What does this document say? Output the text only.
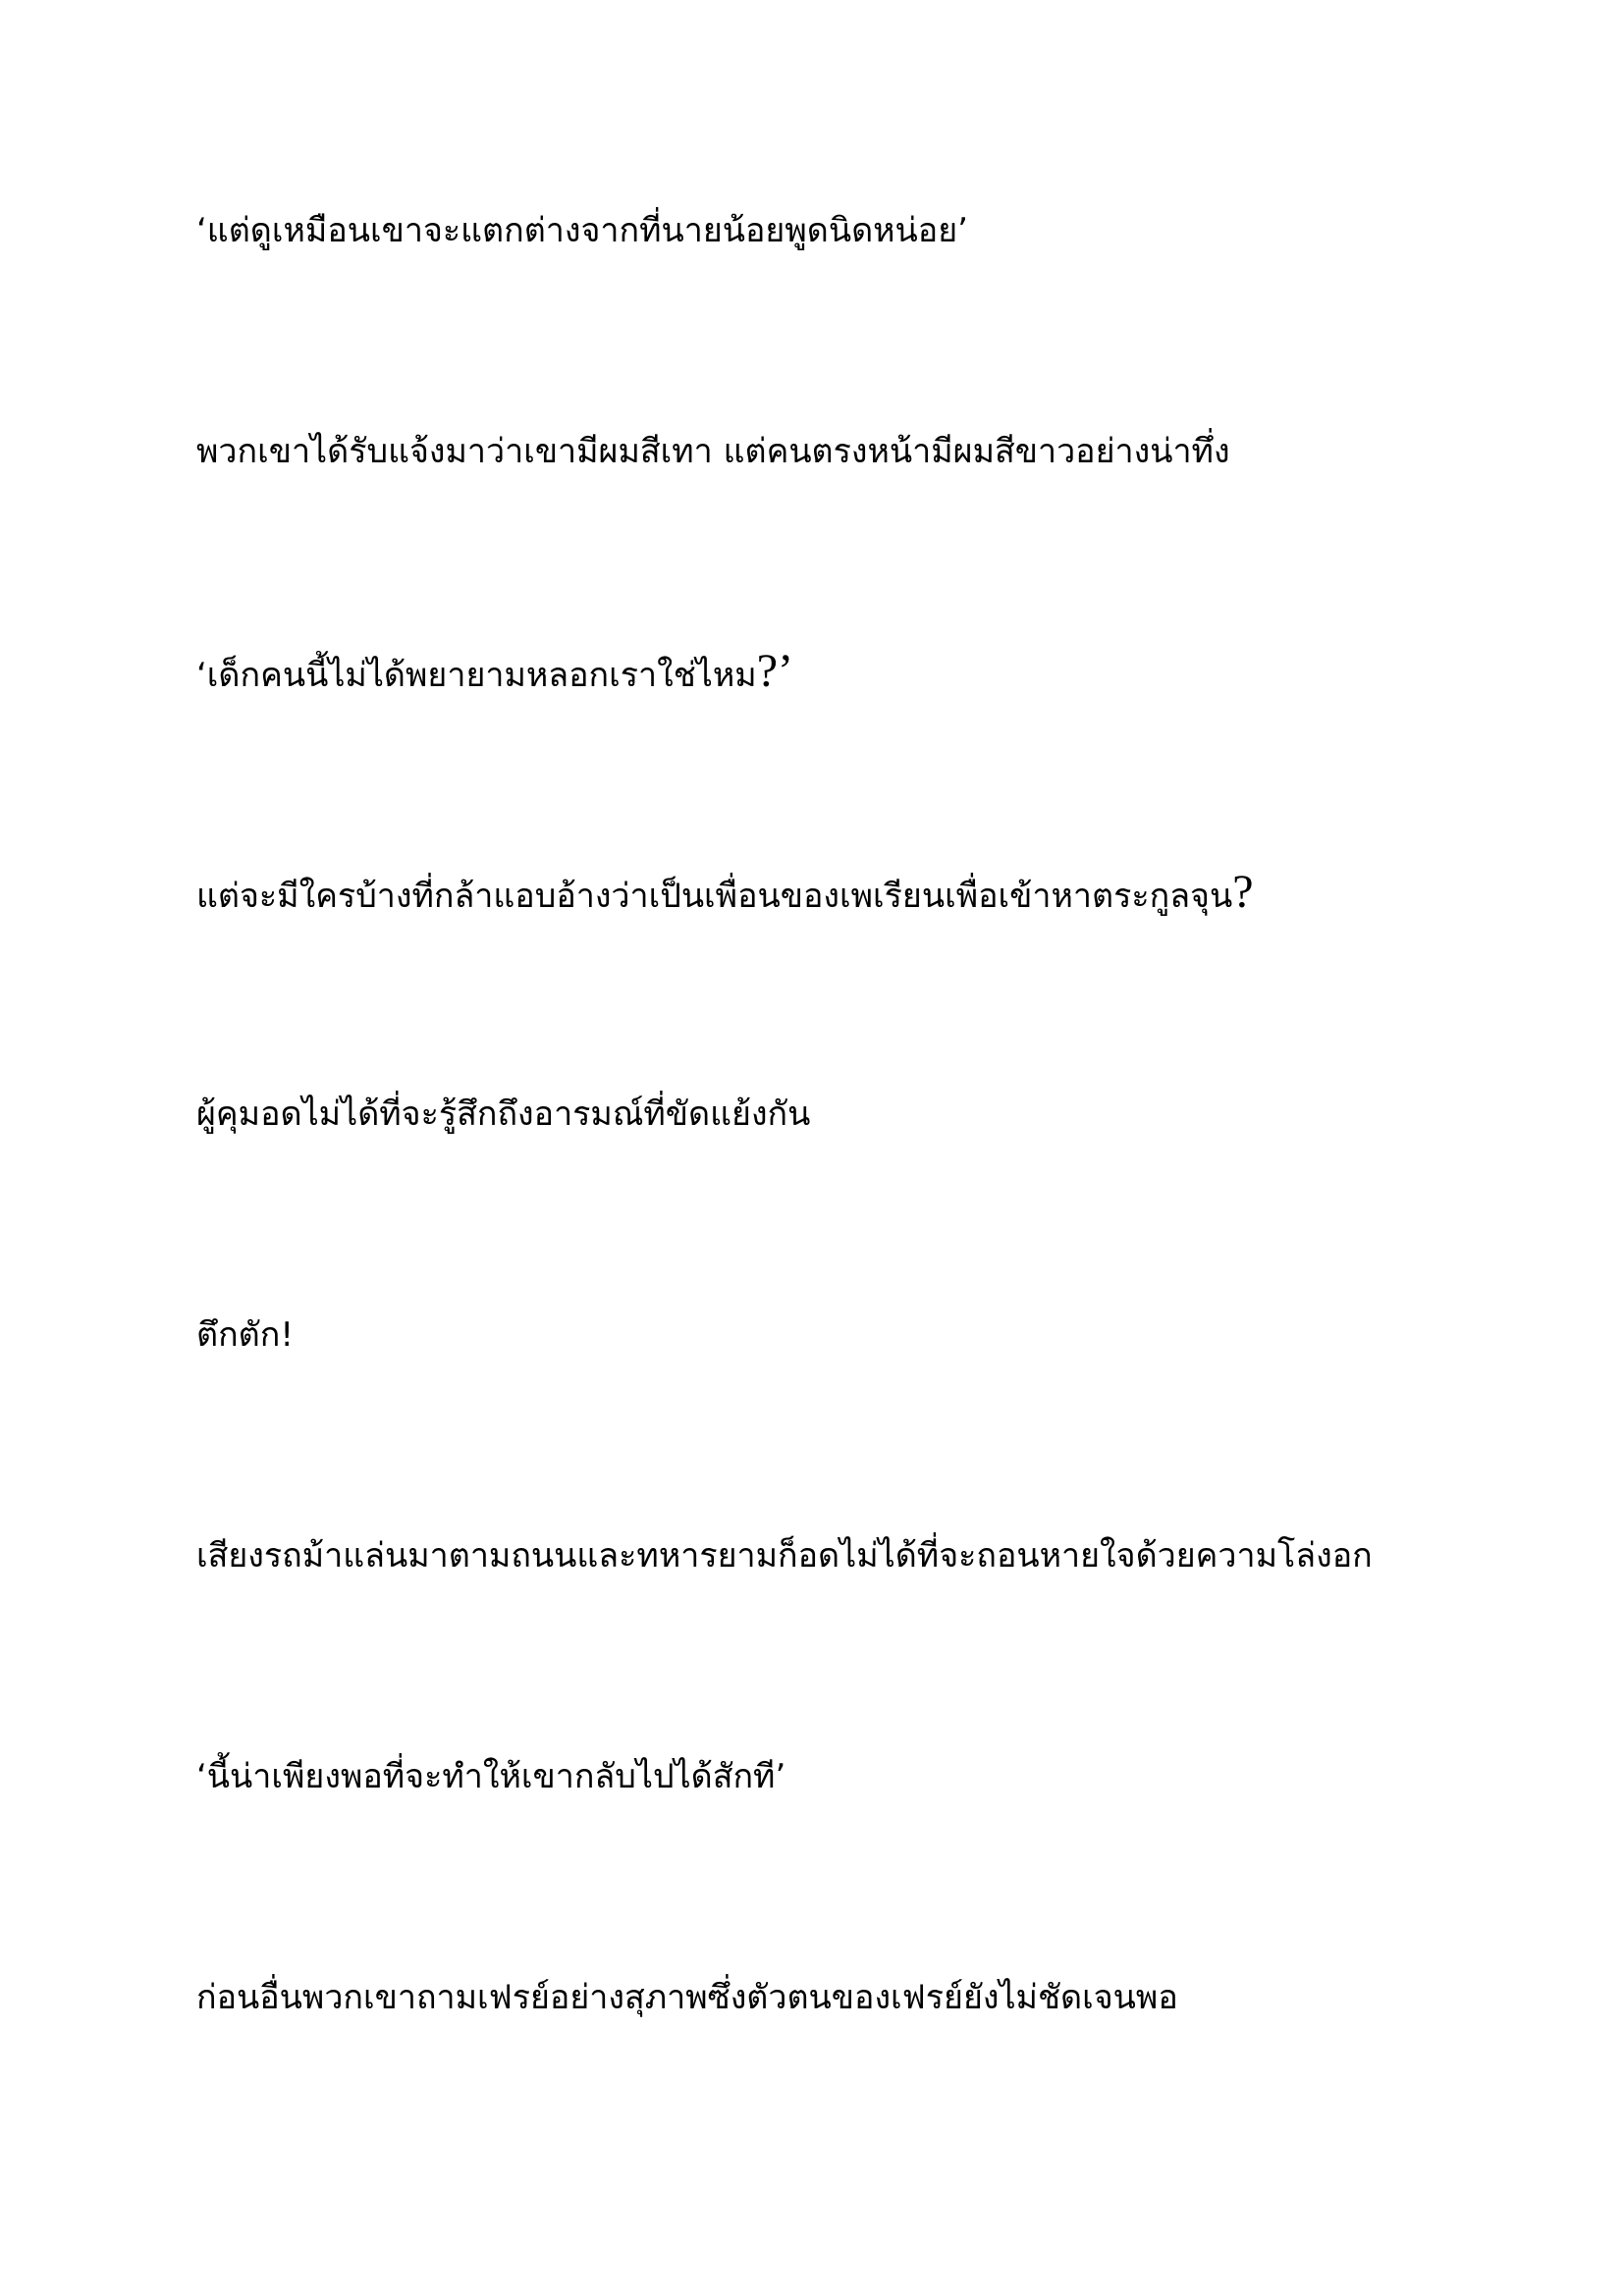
‘แต่ดูเหมือนเขาจะแตกต่างจากที่นายน้อยพูดนิดหน่อย’

พวกเขาได้รับแจ้งมาว่าเขามีผมสีเทา แต่คนตรงหน้ามีผมสีขาวอย่างน่าทึ่ง

‘เด็กคนนี้ไม่ได้พยายามหลอกเราใช่ไหม?’

แต่จะมีใครบ้างที่กล้าแอบอ้างว่าเป็นเพื่อนของเพเรียนเพื่อเข้าหาตระกูลจุน?

ผู้คุมอดไม่ได้ที่จะรู้สึกถึงอารมณ์ที่ขัดแย้งกัน

ตึกตัก!

เสียงรถม้าแล่นมาตามถนนและทหารยามก็อดไม่ได้ที่จะถอนหายใจด้วยความโล่งอก

‘นี้น่าเพียงพอที่จะทำให้เขากลับไปได้สักที’

ก่อนอื่นพวกเขาถามเฟรย์อย่างสุภาพซึ่งตัวตนของเฟรย์ยังไม่ชัดเจนพอ
